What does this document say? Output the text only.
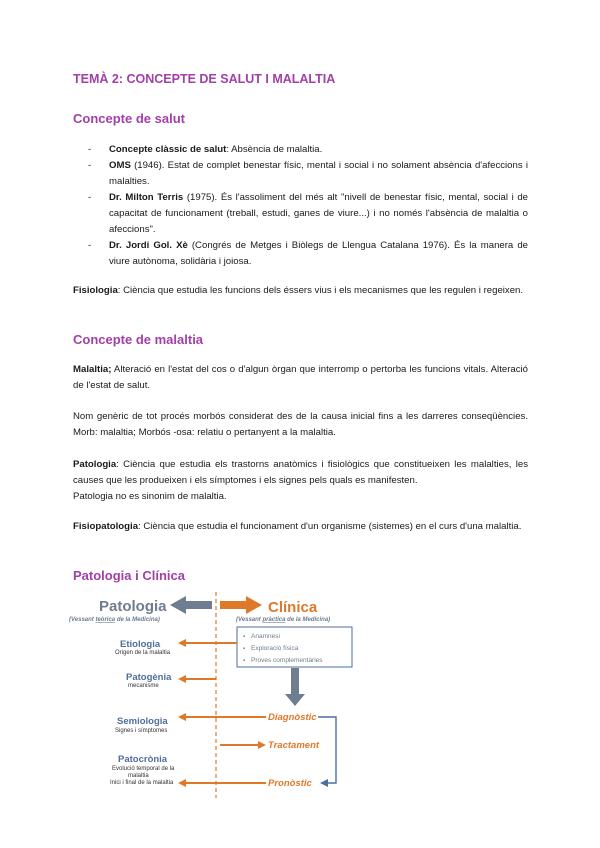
TEMÀ 2: CONCEPTE DE SALUT I MALALTIA
Concepte de salut
- Concepte clàssic de salut: Absència de malaltia.
- OMS (1946). Estat de complet benestar físic, mental i social i no solament absència d'afeccions i malalties.
- Dr. Milton Terris (1975). És l'assoliment del més alt "nivell de benestar físic, mental, social i de capacitat de funcionament (treball, estudi, ganes de viure...) i no només l'absència de malaltia o afeccions".
- Dr. Jordi Gol. Xè (Congrés de Metges i Biòlegs de Llengua Catalana 1976). És la manera de viure autònoma, solidària i joiosa.
Fisiologia: Ciència que estudia les funcions dels éssers vius i els mecanismes que les regulen i regeixen.
Concepte de malaltia
Malaltia; Alteració en l'estat del cos o d'algun òrgan que interromp o pertorba les funcions vitals. Alteració de l'estat de salut.
Nom genèric de tot procés morbós considerat des de la causa inicial fins a les darreres conseqüències. Morb: malaltia; Morbós -osa: relatiu o pertanyent a la malaltia.
Patologia: Ciència que estudia els trastorns anatòmics i fisiològics que constitueixen les malalties, les causes que les produeixen i els símptomes i els signes pels quals es manifesten.
Patologia no es sinonim de malaltia.
Fisiopatologia: Ciència que estudia el funcionament d'un organisme (sistemes) en el curs d'una malaltia.
Patologia i Clínica
Patologia
(Vessant teòrica de la Medicina)
Clínica
(Vessant pràctica de la Medicina)
▪ Anamnesi
▪ Exploració física
▪ Proves complementàries
Etiologia
Origen de la malaltia
Patogènia
mecanisme
Semiologia
Signes i símptomes
Patocrònia
Evolució temporal de la
malaltia
Inici i final de la malaltia
Diagnòstic
Tractament
Pronòstic
